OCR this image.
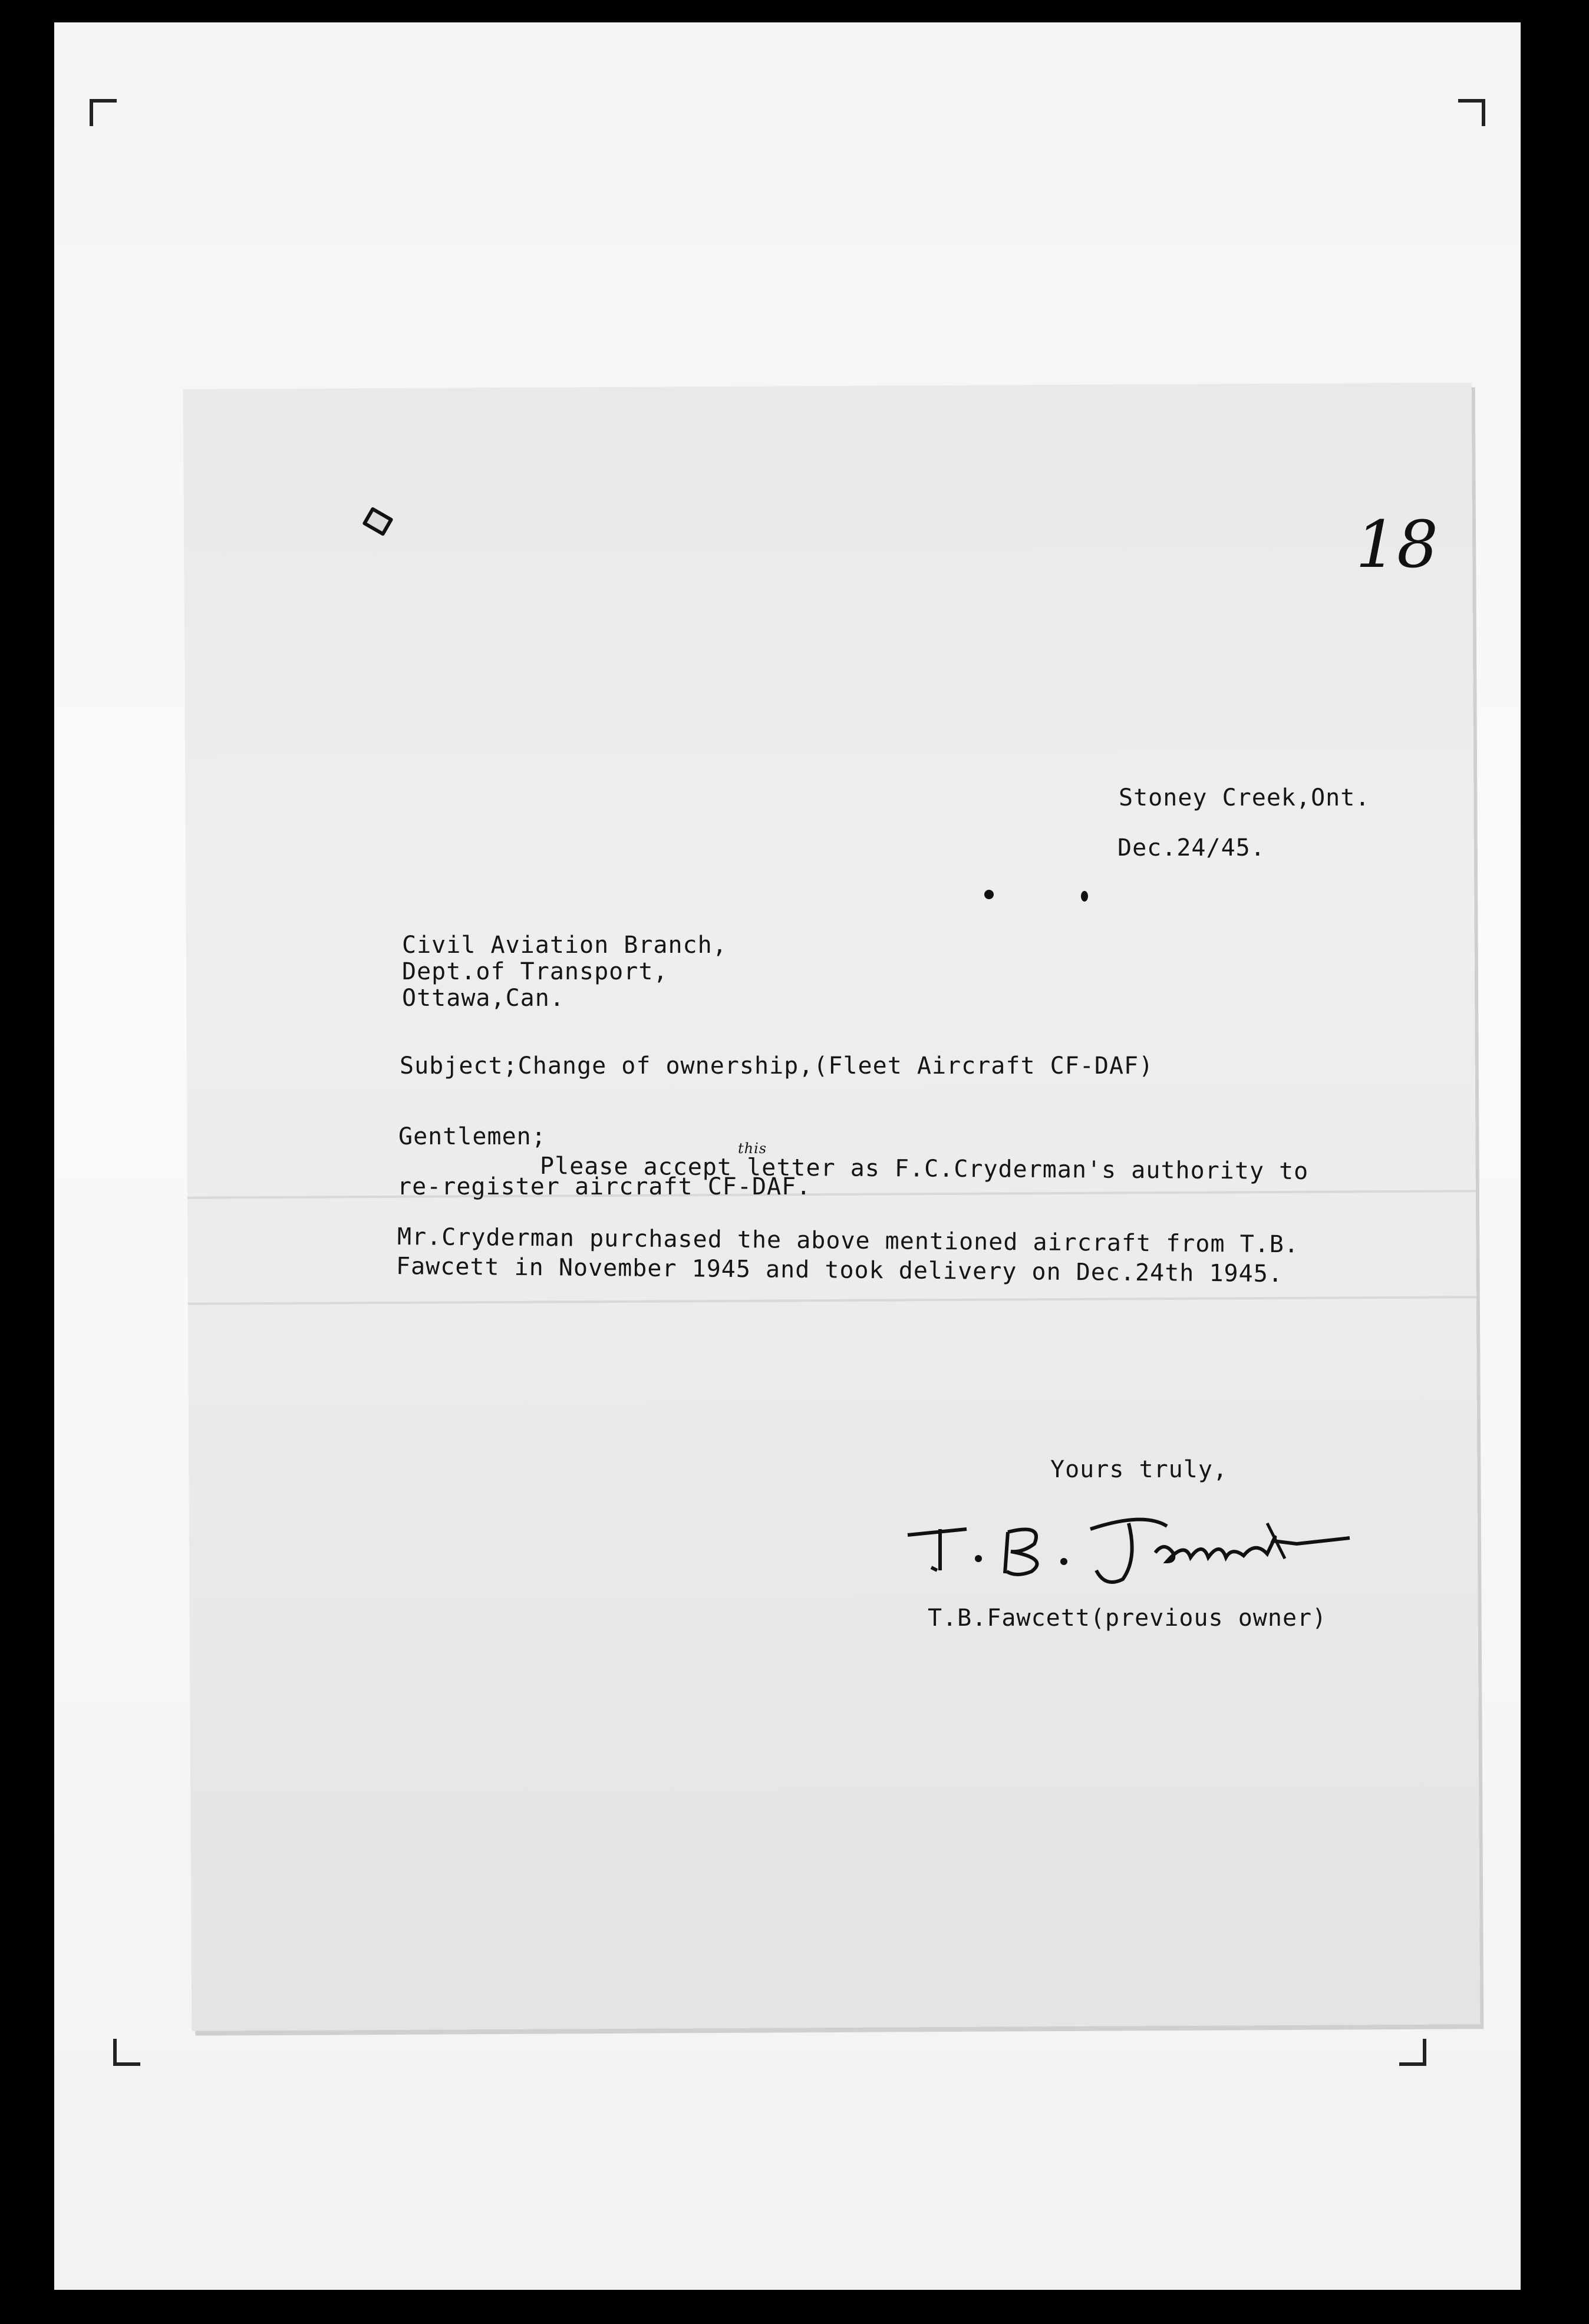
18
Stoney Creek,Ont.
Dec.24/45.
Civil Aviation Branch,
Dept.of Transport,
Ottawa,Can.
Subject;Change of ownership,(Fleet Aircraft CF-DAF)
Gentlemen;
Please accept letter as F.C.Cryderman's authority to
this
re-register aircraft CF-DAF.
Mr.Cryderman purchased the above mentioned aircraft from T.B.
Fawcett in November 1945 and took delivery on Dec.24th 1945.
Yours truly,
T.B.Fawcett(previous owner)
